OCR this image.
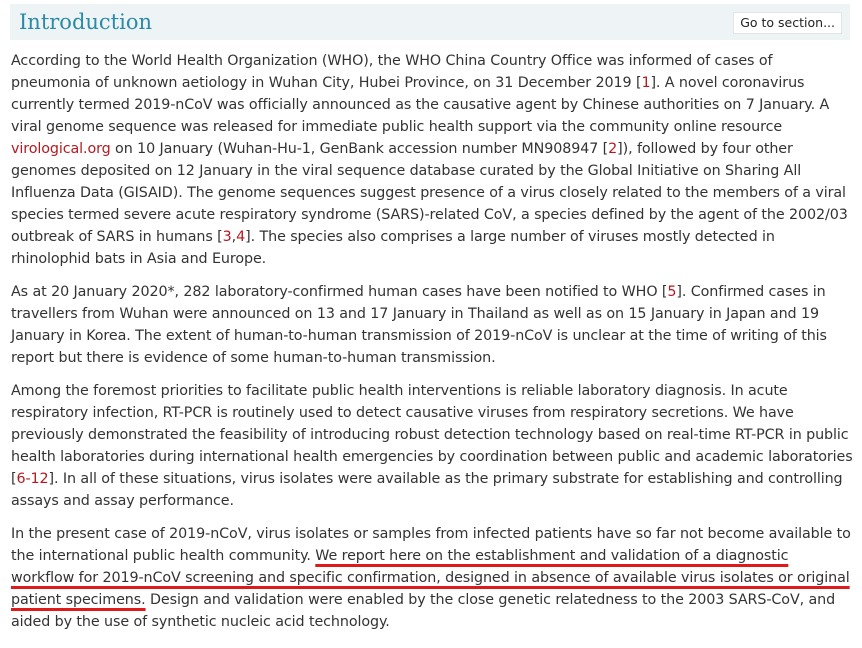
Introduction	Go to section...

According to the World Health Organization (WHO), the WHO China Country Office was informed of cases of pneumonia of unknown aetiology in Wuhan City, Hubei Province, on 31 December 2019 [1]. A novel coronavirus currently termed 2019-nCoV was officially announced as the causative agent by Chinese authorities on 7 January. A viral genome sequence was released for immediate public health support via the community online resource virological.org on 10 January (Wuhan-Hu-1, GenBank accession number MN908947 [2]), followed by four other genomes deposited on 12 January in the viral sequence database curated by the Global Initiative on Sharing All Influenza Data (GISAID). The genome sequences suggest presence of a virus closely related to the members of a viral species termed severe acute respiratory syndrome (SARS)-related CoV, a species defined by the agent of the 2002/03 outbreak of SARS in humans [3,4]. The species also comprises a large number of viruses mostly detected in rhinolophid bats in Asia and Europe.

As at 20 January 2020*, 282 laboratory-confirmed human cases have been notified to WHO [5]. Confirmed cases in travellers from Wuhan were announced on 13 and 17 January in Thailand as well as on 15 January in Japan and 19 January in Korea. The extent of human-to-human transmission of 2019-nCoV is unclear at the time of writing of this report but there is evidence of some human-to-human transmission.

Among the foremost priorities to facilitate public health interventions is reliable laboratory diagnosis. In acute respiratory infection, RT-PCR is routinely used to detect causative viruses from respiratory secretions. We have previously demonstrated the feasibility of introducing robust detection technology based on real-time RT-PCR in public health laboratories during international health emergencies by coordination between public and academic laboratories [6-12]. In all of these situations, virus isolates were available as the primary substrate for establishing and controlling assays and assay performance.

In the present case of 2019-nCoV, virus isolates or samples from infected patients have so far not become available to the international public health community. We report here on the establishment and validation of a diagnostic workflow for 2019-nCoV screening and specific confirmation, designed in absence of available virus isolates or original patient specimens. Design and validation were enabled by the close genetic relatedness to the 2003 SARS-CoV, and aided by the use of synthetic nucleic acid technology.
